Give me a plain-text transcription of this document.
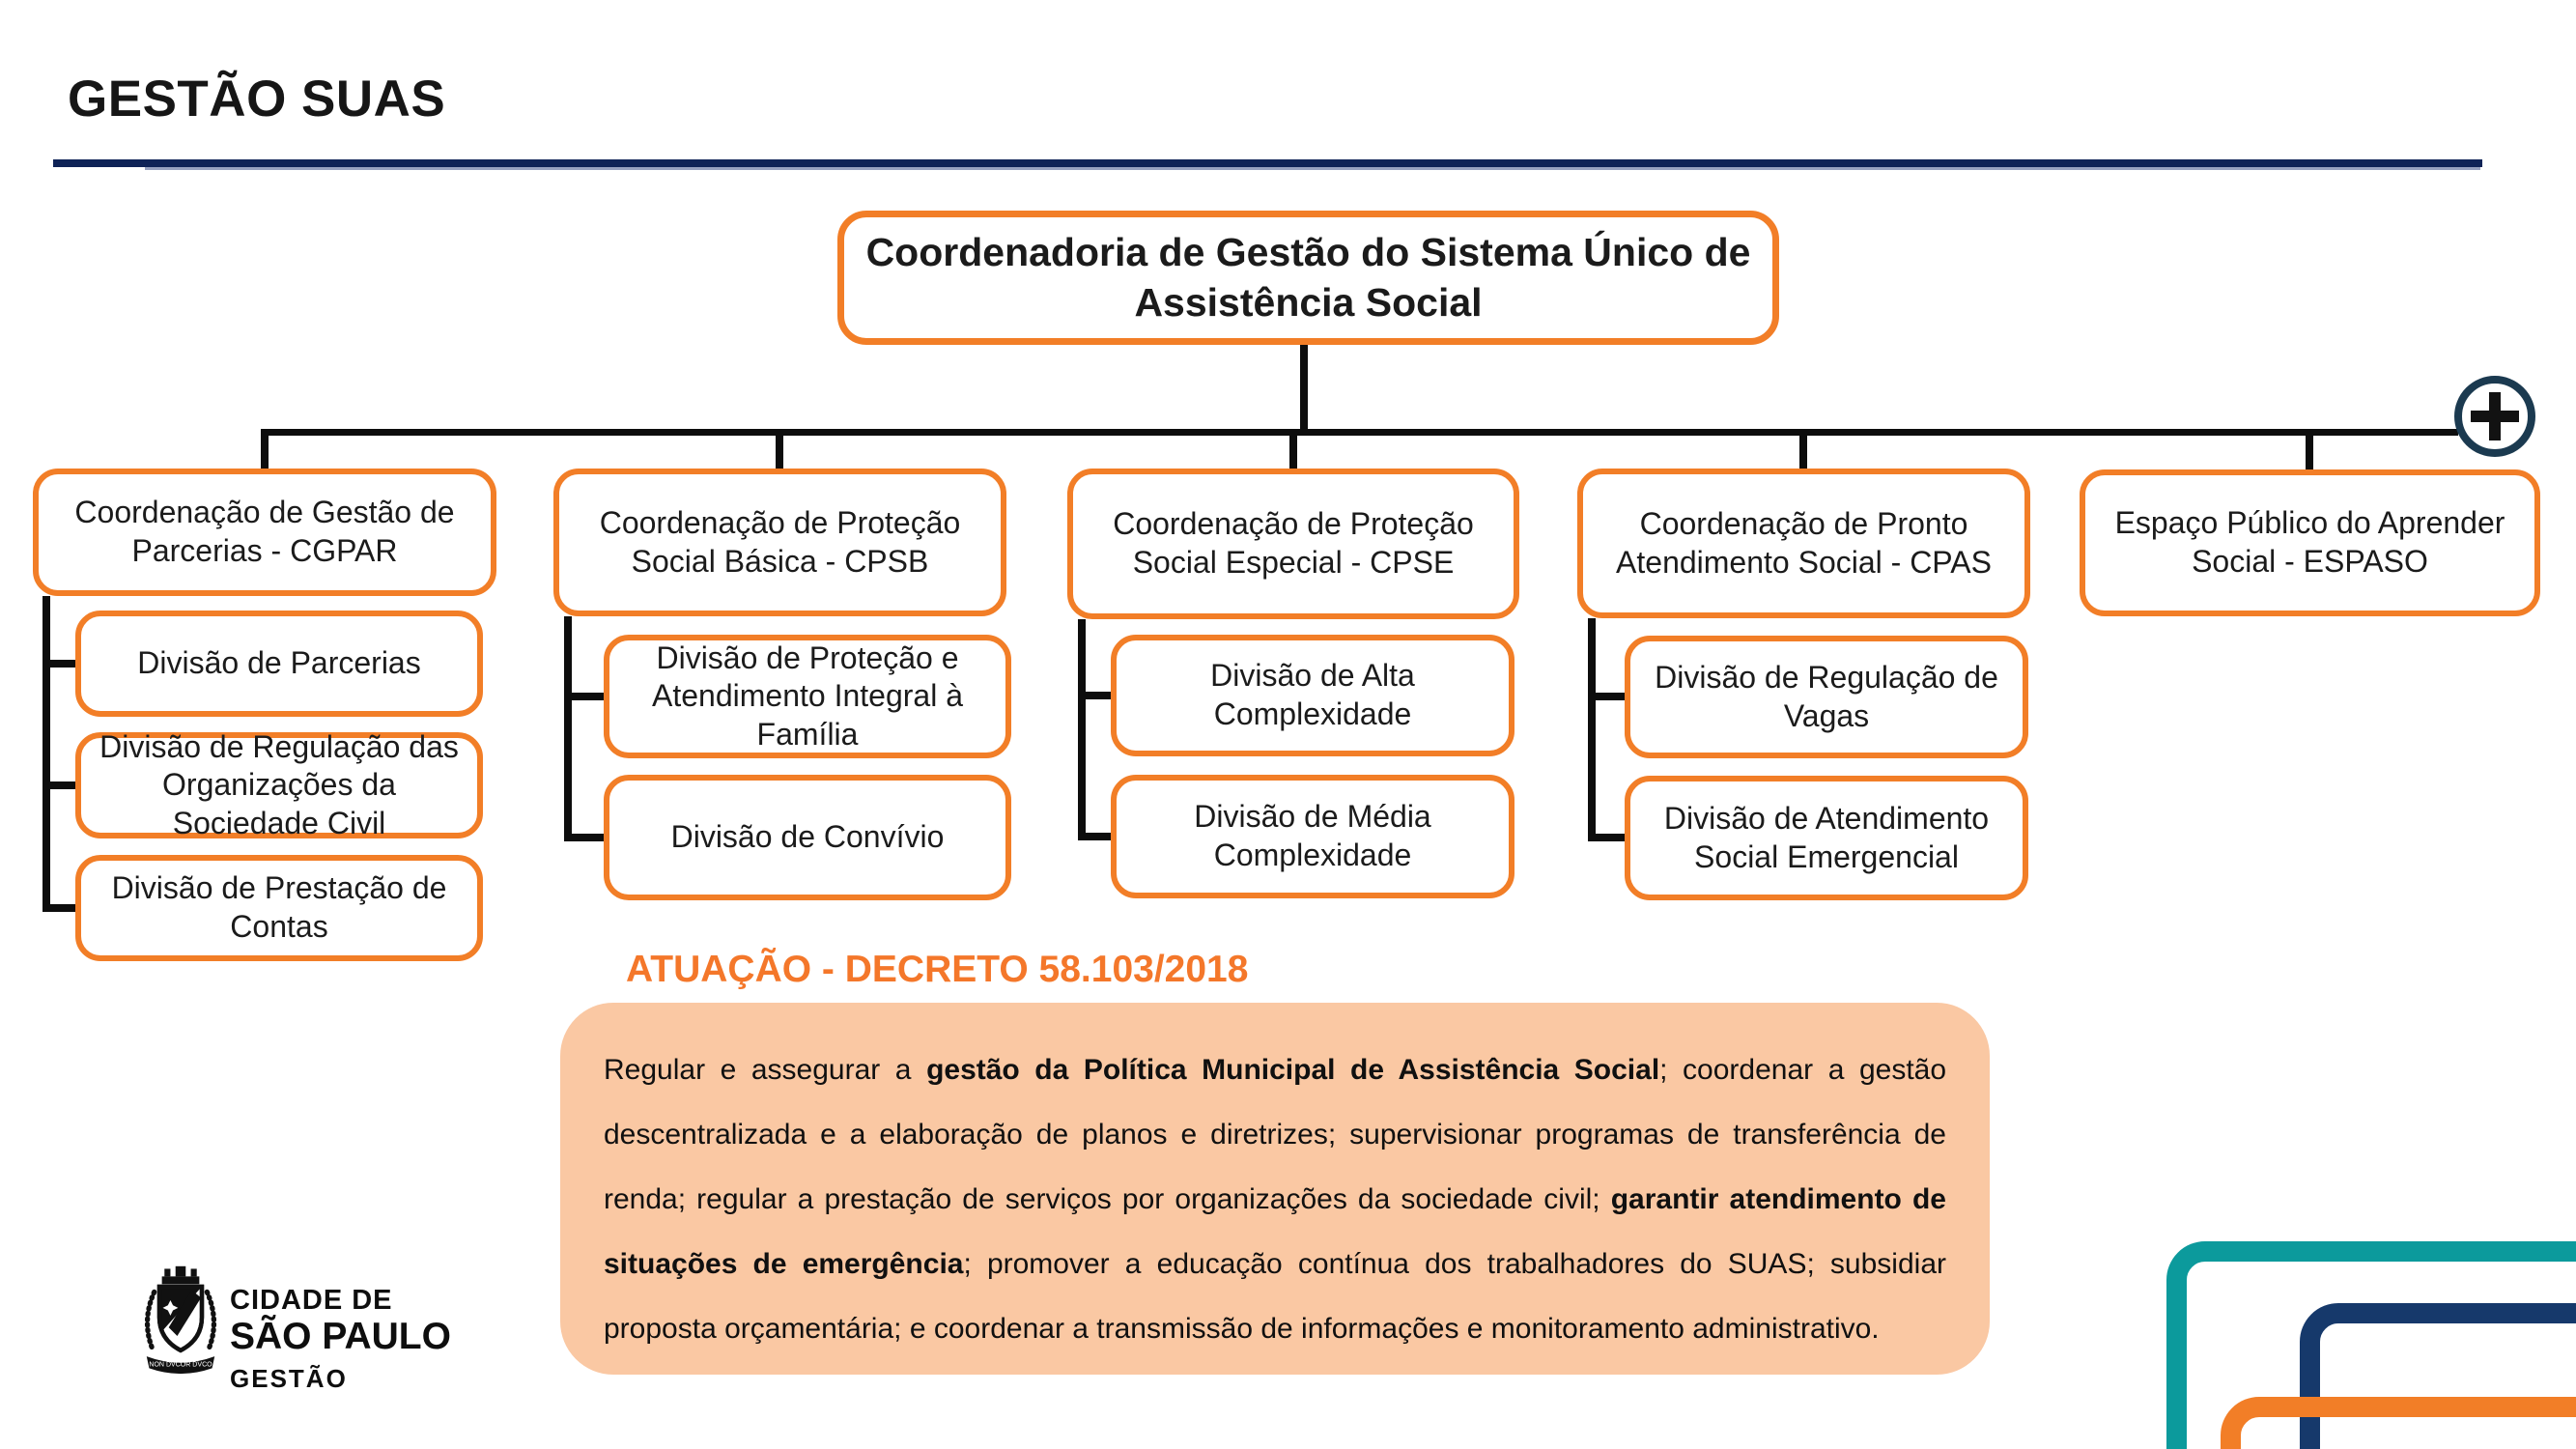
GESTÃO SUAS
Coordenadoria de Gestão do Sistema Único de Assistência Social
Coordenação de Gestão de Parcerias - CGPAR
Divisão de Parcerias
Divisão de Regulação das Organizações da Sociedade Civil
Divisão de Prestação de Contas
Coordenação de Proteção Social Básica - CPSB
Divisão de Proteção e Atendimento Integral à Família
Divisão de Convívio
Coordenação de Proteção Social Especial - CPSE
Divisão de Alta Complexidade
Divisão de Média Complexidade
Coordenação de Pronto Atendimento Social - CPAS
Divisão de Regulação de Vagas
Divisão de Atendimento Social Emergencial
Espaço Público do Aprender Social - ESPASO
ATUAÇÃO - DECRETO 58.103/2018

Regular e assegurar a gestão da Política Municipal de Assistência Social; coordenar a gestão descentralizada e a elaboração de planos e diretrizes; supervisionar programas de transferência de renda; regular a prestação de serviços por organizações da sociedade civil; garantir atendimento de situações de emergência; promover a educação contínua dos trabalhadores do SUAS; subsidiar proposta orçamentária; e coordenar a transmissão de informações e monitoramento administrativo.

NON DVCOR DVCO
CIDADE DE
SÃO PAULO
GESTÃO
